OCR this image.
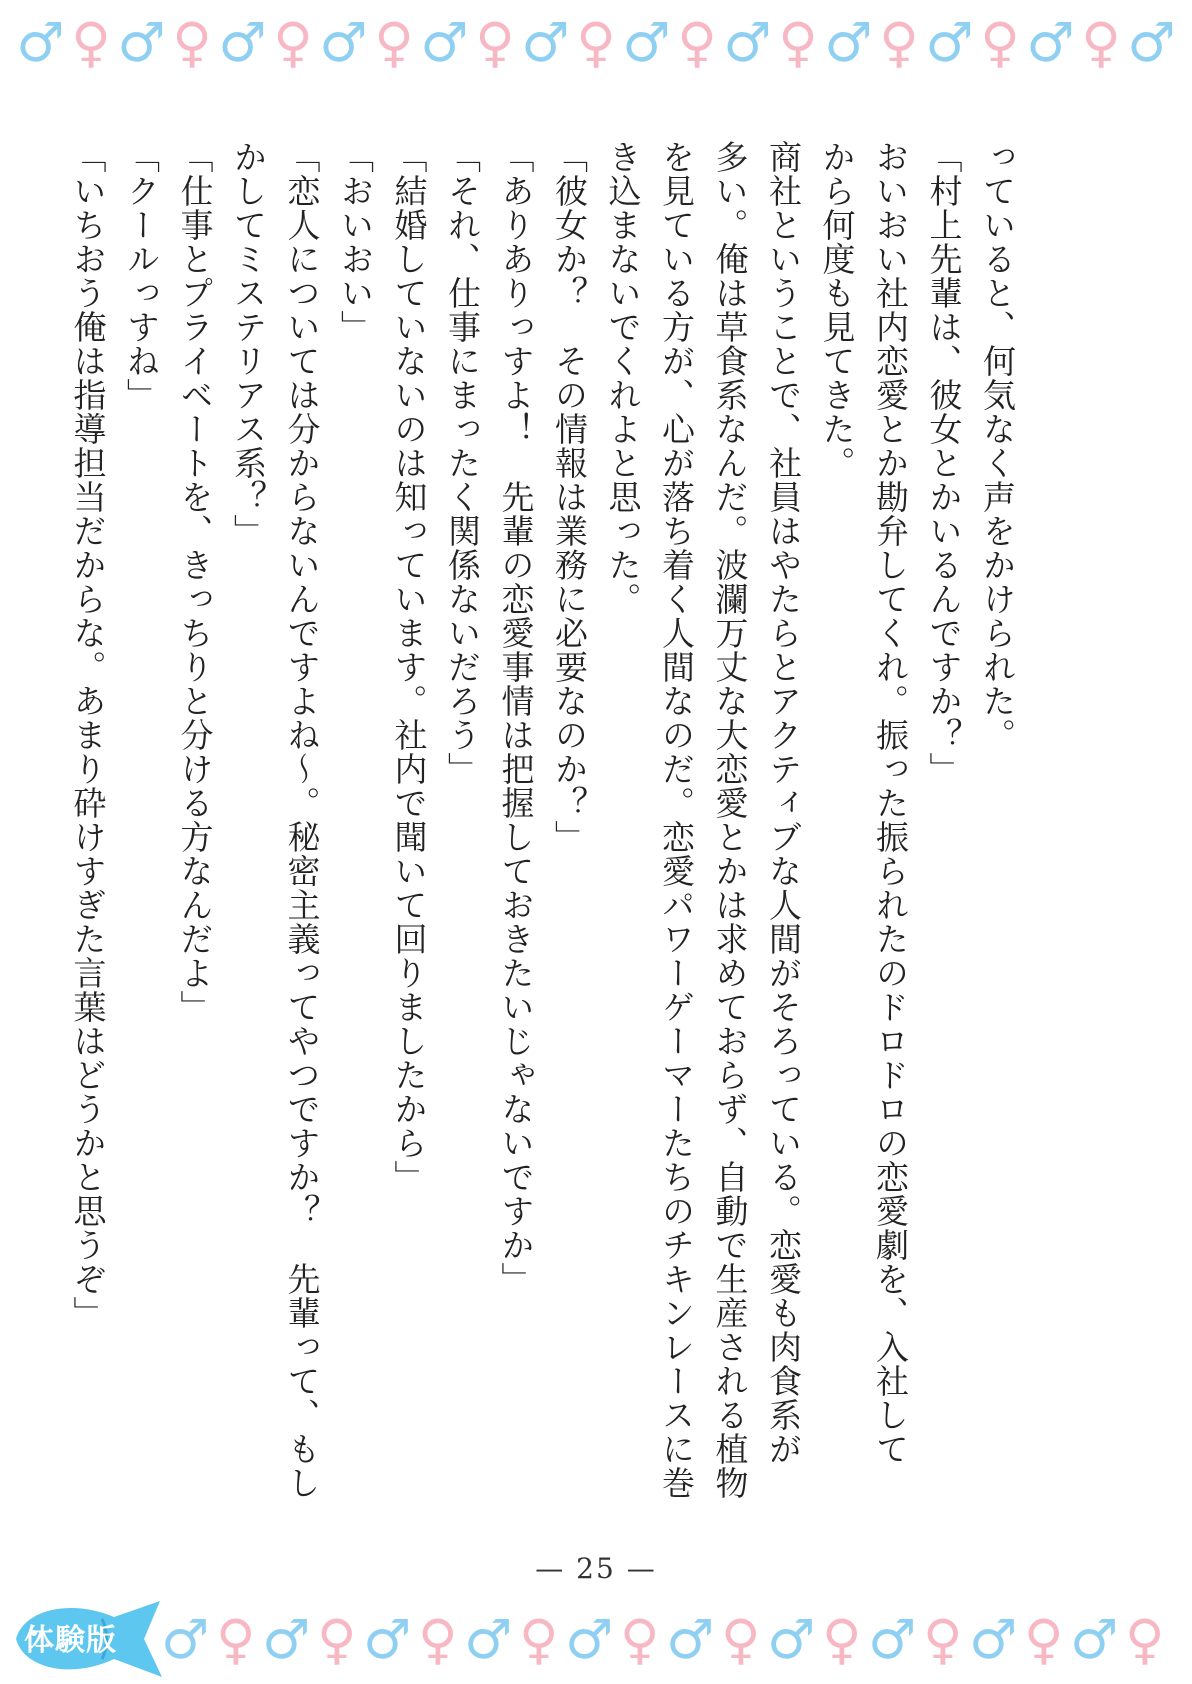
♂ ♀ ♂ ♀ ♂ ♀ ♂ ♀ ♂ ♀ ♂ ♀ ♂ ♀ ♂ ♀ ♂ ♀ ♂ ♀ ♂ ♀ ♂
っていると、何気なく声をかけられた。
「村上先輩は、彼女とかいるんですか？」
おいおい社内恋愛とか勘弁してくれ。振った振られたのドロドロの恋愛劇を、入社して
から何度も見てきた。
商社ということで、社員はやたらとアクティブな人間がそろっている。恋愛も肉食系が
多い。俺は草食系なんだ。波瀾万丈な大恋愛とかは求めておらず、自動で生産される植物
を見ている方が、心が落ち着く人間なのだ。恋愛パワーゲーマーたちのチキンレースに巻
き込まないでくれよと思った。
「彼女か？　その情報は業務に必要なのか？」
「ありありっすよ！　先輩の恋愛事情は把握しておきたいじゃないですか」
「それ、仕事にまったく関係ないだろう」
「結婚していないのは知っています。社内で聞いて回りましたから」
「おいおい」
「恋人については分からないんですよね～。秘密主義ってやつですか？　先輩って、もし
かしてミステリアス系？」
「仕事とプライベートを、きっちりと分ける方なんだよ」
「クールっすね」
「いちおう俺は指導担当だからな。あまり砕けすぎた言葉はどうかと思うぞ」
— 25 —
♂ ♀ ♂ ♀ ♂ ♀ ♂ ♀ ♂ ♀ ♂ ♀ ♂ ♀ ♂ ♀ ♂ ♀ ♂ ♀
体験版
